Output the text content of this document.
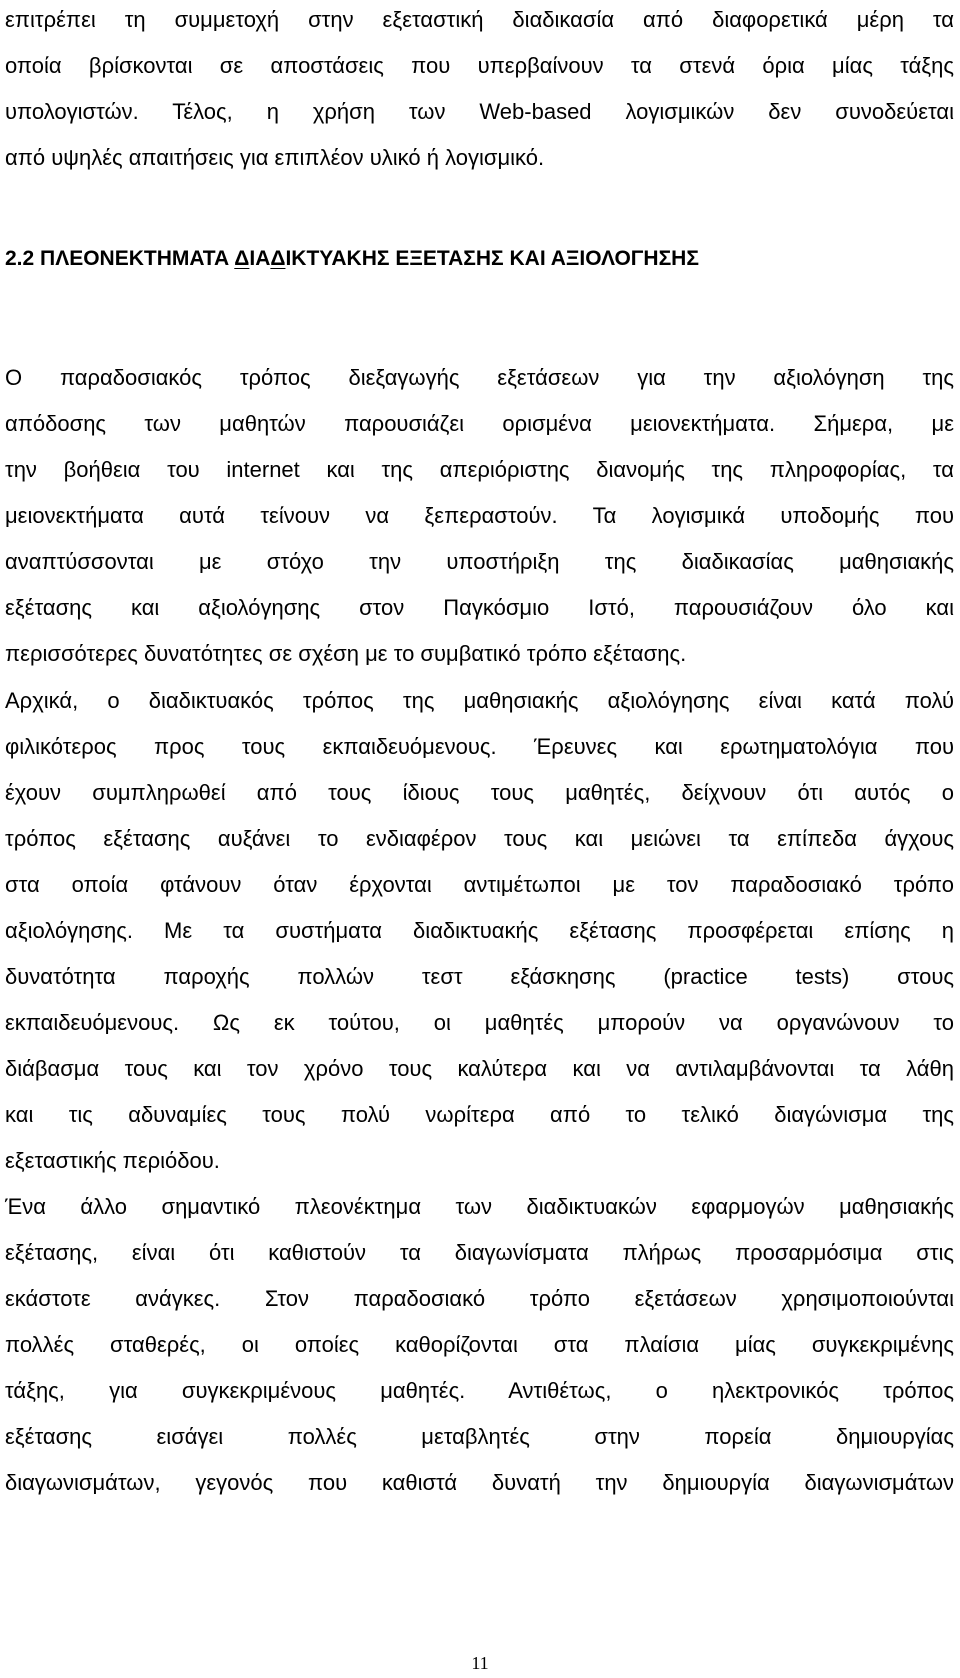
επιτρέπει τη συμμετοχή στην εξεταστική διαδικασία από διαφορετικά μέρη τα

οποία βρίσκονται σε αποστάσεις που υπερβαίνουν τα στενά όρια μίας τάξης

υπολογιστών. Τέλος, η χρήση των Web-based λογισμικών δεν συνοδεύεται

από υψηλές απαιτήσεις για επιπλέον υλικό ή λογισμικό.

2.2 ΠΛΕΟΝΕΚΤΗΜΑΤΑ ΔΙΑΔΙΚΤΥΑΚΗΣ ΕΞΕΤΑΣΗΣ ΚΑΙ ΑΞΙΟΛΟΓΗΣΗΣ

Ο παραδοσιακός τρόπος διεξαγωγής εξετάσεων για την αξιολόγηση της

απόδοσης των μαθητών παρουσιάζει ορισμένα μειονεκτήματα. Σήμερα, με

την βοήθεια του internet και της απεριόριστης διανομής της πληροφορίας, τα

μειονεκτήματα αυτά τείνουν να ξεπεραστούν. Τα λογισμικά υποδομής που

αναπτύσσονται με στόχο την υποστήριξη της διαδικασίας μαθησιακής

εξέτασης και αξιολόγησης στον Παγκόσμιο Ιστό, παρουσιάζουν όλο και

περισσότερες δυνατότητες σε σχέση με το συμβατικό τρόπο εξέτασης.

Αρχικά, ο διαδικτυακός τρόπος της μαθησιακής αξιολόγησης είναι κατά πολύ

φιλικότερος προς τους εκπαιδευόμενους. Έρευνες και ερωτηματολόγια που

έχουν συμπληρωθεί από τους ίδιους τους μαθητές, δείχνουν ότι αυτός ο

τρόπος εξέτασης αυξάνει το ενδιαφέρον τους και μειώνει τα επίπεδα άγχους

στα οποία φτάνουν όταν έρχονται αντιμέτωποι με τον παραδοσιακό τρόπο

αξιολόγησης. Με τα συστήματα διαδικτυακής εξέτασης προσφέρεται επίσης η

δυνατότητα παροχής πολλών τεστ εξάσκησης (practice tests) στους

εκπαιδευόμενους. Ως εκ τούτου, οι μαθητές μπορούν να οργανώνουν το

διάβασμα τους και τον χρόνο τους καλύτερα και να αντιλαμβάνονται τα λάθη

και τις αδυναμίες τους πολύ νωρίτερα από το τελικό διαγώνισμα της

εξεταστικής περιόδου.

Ένα άλλο σημαντικό πλεονέκτημα των διαδικτυακών εφαρμογών μαθησιακής

εξέτασης, είναι ότι καθιστούν τα διαγωνίσματα πλήρως προσαρμόσιμα στις

εκάστοτε ανάγκες. Στον παραδοσιακό τρόπο εξετάσεων χρησιμοποιούνται

πολλές σταθερές, οι οποίες καθορίζονται στα πλαίσια μίας συγκεκριμένης

τάξης, για συγκεκριμένους μαθητές. Αντιθέτως, ο ηλεκτρονικός τρόπος

εξέτασης εισάγει πολλές μεταβλητές στην πορεία δημιουργίας

διαγωνισμάτων, γεγονός που καθιστά δυνατή την δημιουργία διαγωνισμάτων

11
